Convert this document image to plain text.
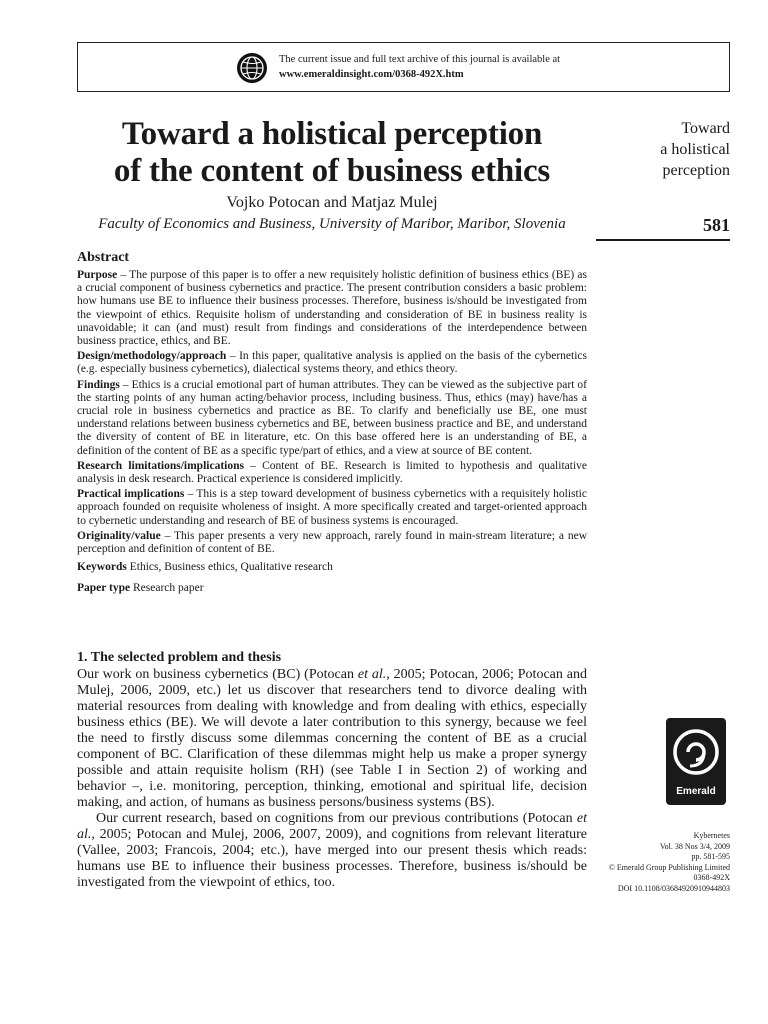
The current issue and full text archive of this journal is available at
www.emeraldinsight.com/0368-492X.htm
Toward a holistical perception
of the content of business ethics
Vojko Potocan and Matjaz Mulej
Faculty of Economics and Business, University of Maribor, Maribor, Slovenia
Toward
a holistical
perception
581
Abstract

Purpose – The purpose of this paper is to offer a new requisitely holistic definition of business ethics (BE) as a crucial component of business cybernetics and practice. The present contribution considers a basic problem: how humans use BE to influence their business processes. Therefore, business is/should be investigated from the viewpoint of ethics. Requisite holism of understanding and consideration of BE in business reality is unavoidable; it can (and must) result from findings and considerations of the interdependence between business practice, ethics, and BE.

Design/methodology/approach – In this paper, qualitative analysis is applied on the basis of the cybernetics (e.g. especially business cybernetics), dialectical systems theory, and ethics theory.

Findings – Ethics is a crucial emotional part of human attributes. They can be viewed as the subjective part of the starting points of any human acting/behavior process, including business. Thus, ethics (may) have/has a crucial role in business cybernetics and practice as BE. To clarify and beneficially use BE, one must understand relations between business cybernetics and BE, between business practice and BE, and understand the diversity of content of BE in literature, etc. On this base offered here is an understanding of BE, a definition of the content of BE as a specific type/part of ethics, and a view at source of BE content.

Research limitations/implications – Content of BE. Research is limited to hypothesis and qualitative analysis in desk research. Practical experience is considered implicitly.

Practical implications – This is a step toward development of business cybernetics with a requisitely holistic approach founded on requisite wholeness of insight. A more specifically created and target-oriented approach to cybernetic understanding and research of BE of business systems is encouraged.

Originality/value – This paper presents a very new approach, rarely found in main-stream literature; a new perception and definition of content of BE.

Keywords Ethics, Business ethics, Qualitative research

Paper type Research paper

1. The selected problem and thesis

Our work on business cybernetics (BC) (Potocan et al., 2005; Potocan, 2006; Potocan and Mulej, 2006, 2009, etc.) let us discover that researchers tend to divorce dealing with material resources from dealing with knowledge and from dealing with ethics, especially business ethics (BE). We will devote a later contribution to this synergy, because we feel the need to firstly discuss some dilemmas concerning the content of BE as a crucial component of BC. Clarification of these dilemmas might help us make a proper synergy possible and attain requisite holism (RH) (see Table I in Section 2) of working and behavior –, i.e. monitoring, perception, thinking, emotional and spiritual life, decision making, and action, of humans as business persons/business systems (BS).

Our current research, based on cognitions from our previous contributions (Potocan et al., 2005; Potocan and Mulej, 2006, 2007, 2009), and cognitions from relevant literature (Vallee, 2003; Francois, 2004; etc.), have merged into our present thesis which reads: humans use BE to influence their business processes. Therefore, business is/should be investigated from the viewpoint of ethics, too.

Emerald
Kybernetes
Vol. 38 Nos 3/4, 2009
pp. 581-595
© Emerald Group Publishing Limited
0368-492X
DOI 10.1108/03684920910944803
